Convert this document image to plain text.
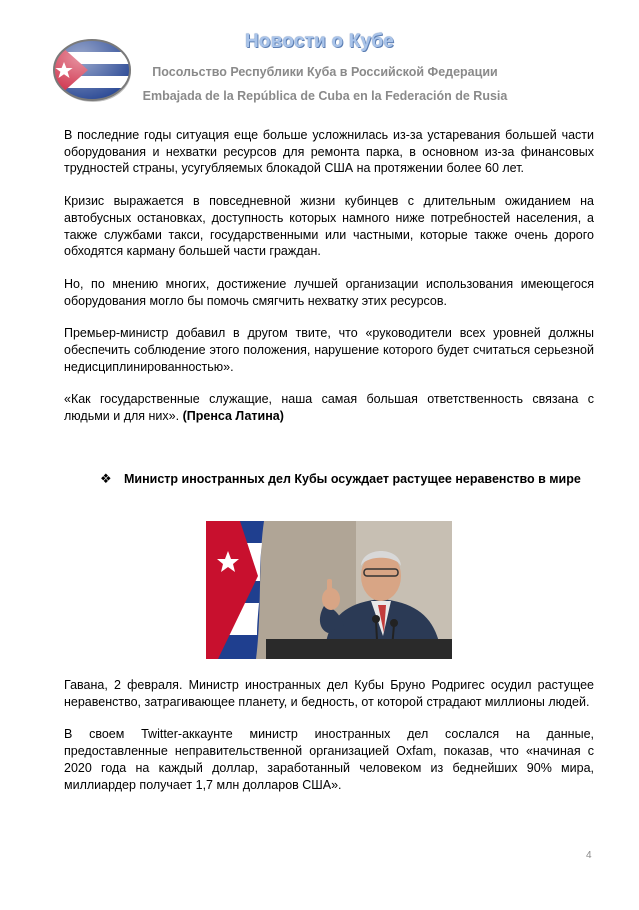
Новости о Кубе
Посольство Республики Куба в Российской Федерации
Embajada de la República de Cuba en la Federación de Rusia

В последние годы ситуация еще больше усложнилась из-за устаревания большей части оборудования и нехватки ресурсов для ремонта парка, в основном из-за финансовых трудностей страны, усугубляемых блокадой США на протяжении более 60 лет.

Кризис выражается в повседневной жизни кубинцев с длительным ожиданием на автобусных остановках, доступность которых намного ниже потребностей населения, а также службами такси, государственными или частными, которые также очень дорого обходятся карману большей части граждан.

Но, по мнению многих, достижение лучшей организации использования имеющегося оборудования могло бы помочь смягчить нехватку этих ресурсов.

Премьер-министр добавил в другом твите, что «руководители всех уровней должны обеспечить соблюдение этого положения, нарушение которого будет считаться серьезной недисциплинированностью».

«Как государственные служащие, наша самая большая ответственность связана с людьми и для них». (Пренса Латина)

❖ Министр иностранных дел Кубы осуждает растущее неравенство в мире

Гавана, 2 февраля. Министр иностранных дел Кубы Бруно Родригес осудил растущее неравенство, затрагивающее планету, и бедность, от которой страдают миллионы людей.

В своем Twitter-аккаунте министр иностранных дел сослался на данные, предоставленные неправительственной организацией Oxfam, показав, что «начиная с 2020 года на каждый доллар, заработанный человеком из беднейших 90% мира, миллиардер получает 1,7 млн долларов США».

4
